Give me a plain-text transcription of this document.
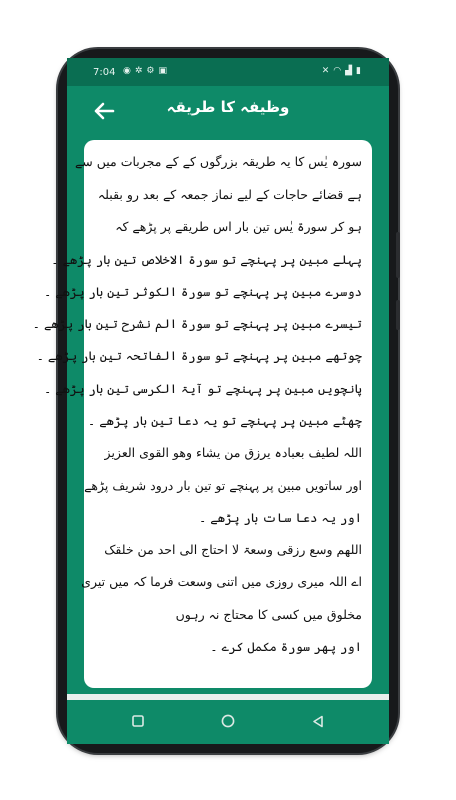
7:04 ◉ ✲ ⚙ ▣	✕ ◠ ▟ ▮
وظیفہ کا طریقہ
سورہ یٰس کا یہ طریقہ بزرگوں کے کے مجربات میں سے
ہے قضائے حاجات کے لیے نماز جمعہ کے بعد رو بقبلہ
ہو کر سورۃ یٰس تین بار اس طریقے پر پڑھے کہ
پہلے مبین پر پہنچے تو سورۃ الاخلاص تین بار پڑھے ۔
دوسرے مبین پر پہنچے تو سورۃ الکوثر تین بار پڑھے ۔
تیسرے مبین پر پہنچے تو سورۃ الم نشرح تین بار پڑھے ۔
چوتھے مبین پر پہنچے تو سورۃ الفاتحہ تین بار پڑھے ۔
پانچویں مبین پر پہنچے تو آیۃ الکرسی تین بار پڑھے ۔
چھٹے مبین پر پہنچے تو یہ دعا تین بار پڑھے ۔
اللہ لطیف بعبادہ یرزق من یشاء وھو القوی العزیز
اور ساتویں مبین پر پہنچے تو تین بار درود شریف پڑھے
اور یہ دعا سات بار پڑھے ۔
اللھم وسع رزقی وسعۃ لا احتاج الی احد من خلقک
اے اللہ میری روزی میں اتنی وسعت فرما کہ میں تیری
مخلوق میں کسی کا محتاج نہ رہوں
اور پھر سورۃ مکمل کرے ۔
